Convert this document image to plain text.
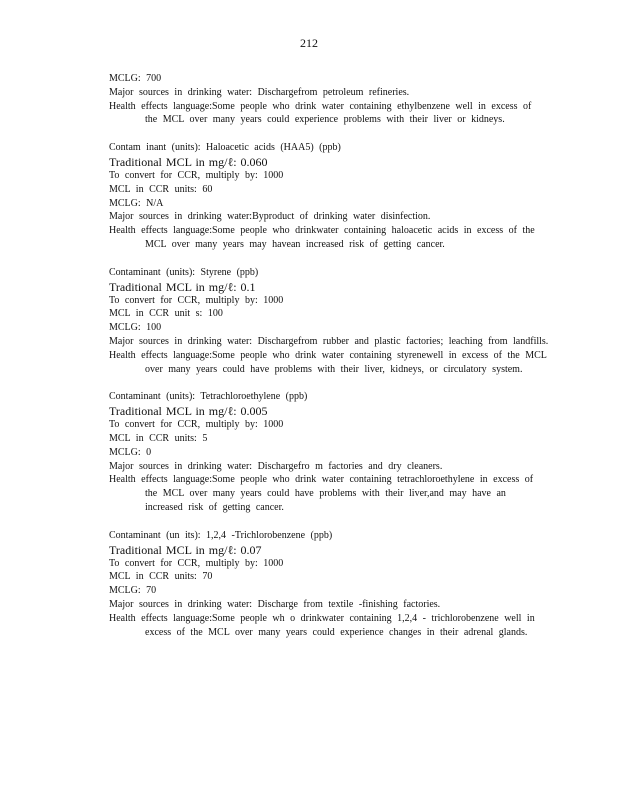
212
MCLG: 700
Major sources in drinking water: Dischargefrom petroleum refineries.
Health effects language:Some people who drink water containing ethylbenzene well in excess of the MCL over many years could experience problems with their liver or kidneys.
Contam inant (units): Haloacetic acids (HAA5) (ppb)
Traditional MCL in mg/ℓ: 0.060
To convert for CCR, multiply by: 1000
MCL in CCR units: 60
MCLG: N/A
Major sources in drinking water:Byproduct of drinking water disinfection.
Health effects language:Some people who drinkwater containing haloacetic acids in excess of the MCL over many years may havean increased risk of getting cancer.
Contaminant (units): Styrene (ppb)
Traditional MCL in mg/ℓ: 0.1
To convert for CCR, multiply by: 1000
MCL in CCR unit s: 100
MCLG: 100
Major sources in drinking water: Dischargefrom rubber and plastic factories; leaching from landfills.
Health effects language:Some people who drink water containing styrenewell in excess of the MCL over many years could have problems with their liver, kidneys, or circulatory system.
Contaminant (units): Tetrachloroethylene (ppb)
Traditional MCL in mg/ℓ: 0.005
To convert for CCR, multiply by: 1000
MCL in CCR units: 5
MCLG: 0
Major sources in drinking water: Dischargefro m factories and dry cleaners.
Health effects language:Some people who drink water containing tetrachloroethylene in excess of the MCL over many years could have problems with their liver,and may have an increased risk of getting cancer.
Contaminant (un its): 1,2,4 -Trichlorobenzene (ppb)
Traditional MCL in mg/ℓ: 0.07
To convert for CCR, multiply by: 1000
MCL in CCR units: 70
MCLG: 70
Major sources in drinking water: Discharge from textile -finishing factories.
Health effects language:Some people wh o drinkwater containing 1,2,4 - trichlorobenzene well in excess of the MCL over many years could experience changes in their adrenal glands.
